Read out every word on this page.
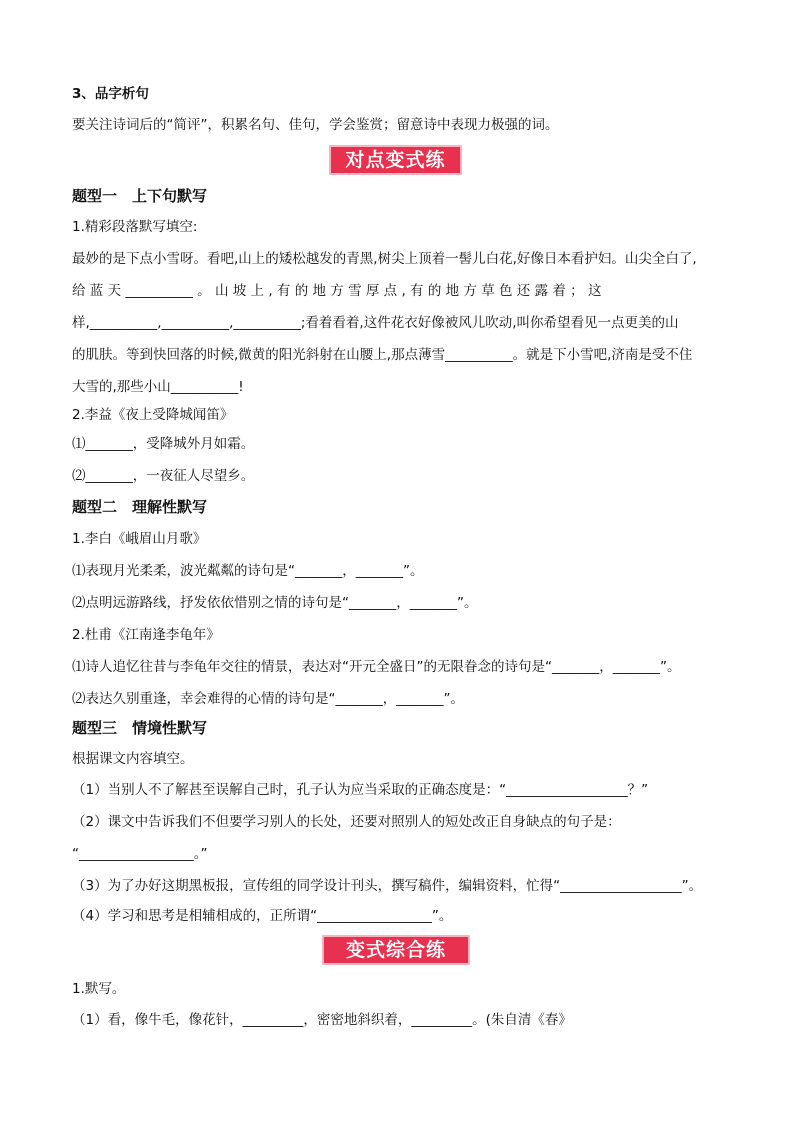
3、品字析句
要关注诗词后的“简评”，积累名句、佳句，学会鉴赏；留意诗中表现力极强的词。
对点变式练
题型一　上下句默写
1.精彩段落默写填空:
最妙的是下点小雪呀。看吧,山上的矮松越发的青黑,树尖上顶着一髻儿白花,好像日本看护妇。山尖全白了,
给 蓝 天 __________ 。 山 坡 上 , 有 的 地 方 雪 厚 点 , 有 的 地 方 草 色 还 露 着 ； 这
样,__________,__________,__________;看着看着,这件花衣好像被风儿吹动,叫你希望看见一点更美的山
的肌肤。等到快回落的时候,微黄的阳光斜射在山腰上,那点薄雪__________。就是下小雪吧,济南是受不住
大雪的,那些小山__________!
2.李益《夜上受降城闻笛》
⑴_______，受降城外月如霜。
⑵_______，一夜征人尽望乡。
题型二　理解性默写
1.李白《峨眉山月歌》
⑴表现月光柔柔，波光粼粼的诗句是“_______，_______”。
⑵点明远游路线，抒发依依惜别之情的诗句是“_______，_______”。
2.杜甫《江南逢李龟年》
⑴诗人追忆往昔与李龟年交往的情景，表达对“开元全盛日”的无限眷念的诗句是“_______，_______”。
⑵表达久别重逢，幸会难得的心情的诗句是“_______，_______”。
题型三　情境性默写
根据课文内容填空。
（1）当别人不了解甚至误解自己时，孔子认为应当采取的正确态度是：“__________________？”
（2）课文中告诉我们不但要学习别人的长处，还要对照别人的短处改正自身缺点的句子是：
“_________________。”
（3）为了办好这期黑板报，宣传组的同学设计刊头，撰写稿件，编辑资料，忙得“__________________”。
（4）学习和思考是相辅相成的，正所谓“_________________”。
变式综合练
1.默写。
（1）看，像牛毛，像花针，_________，密密地斜织着，_________。(朱自清《春》
